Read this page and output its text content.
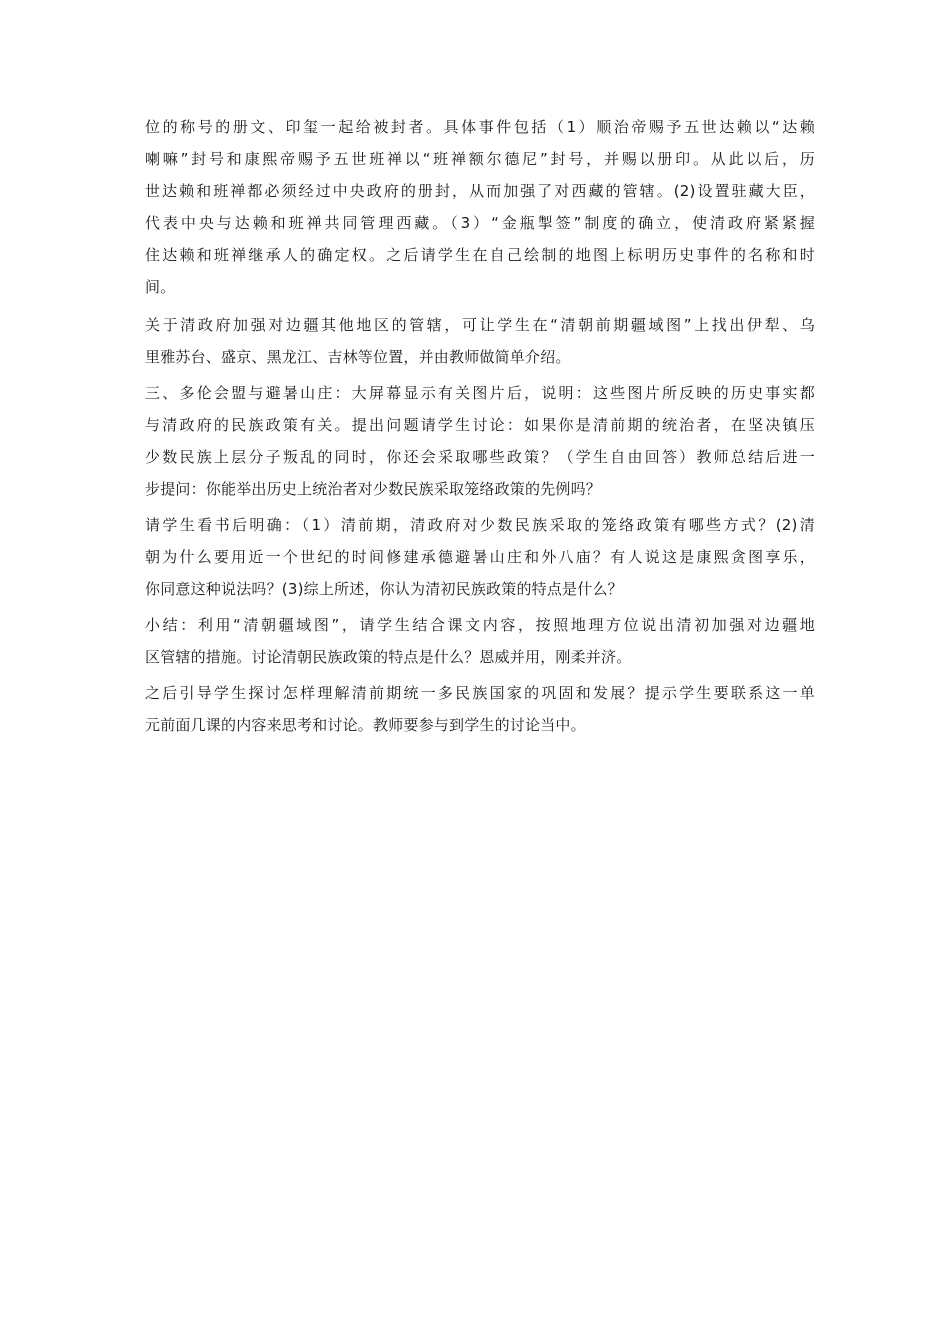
位的称号的册文、印玺一起给被封者。具体事件包括（1）顺治帝赐予五世达赖以“达赖
喇嘛”封号和康熙帝赐予五世班禅以“班禅额尔德尼”封号，并赐以册印。从此以后，历
世达赖和班禅都必须经过中央政府的册封，从而加强了对西藏的管辖。(2)设置驻藏大臣，
代表中央与达赖和班禅共同管理西藏。（3）“金瓶掣签”制度的确立，使清政府紧紧握
住达赖和班禅继承人的确定权。之后请学生在自己绘制的地图上标明历史事件的名称和时
间。
关于清政府加强对边疆其他地区的管辖，可让学生在“清朝前期疆域图”上找出伊犁、乌
里雅苏台、盛京、黑龙江、吉林等位置，并由教师做简单介绍。
三、多伦会盟与避暑山庄：大屏幕显示有关图片后，说明：这些图片所反映的历史事实都
与清政府的民族政策有关。提出问题请学生讨论：如果你是清前期的统治者，在坚决镇压
少数民族上层分子叛乱的同时，你还会采取哪些政策？（学生自由回答）教师总结后进一
步提问：你能举出历史上统治者对少数民族采取笼络政策的先例吗？
请学生看书后明确：（1）清前期，清政府对少数民族采取的笼络政策有哪些方式？(2)清
朝为什么要用近一个世纪的时间修建承德避暑山庄和外八庙？有人说这是康熙贪图享乐，
你同意这种说法吗？(3)综上所述，你认为清初民族政策的特点是什么？
小结：利用“清朝疆域图”，请学生结合课文内容，按照地理方位说出清初加强对边疆地
区管辖的措施。讨论清朝民族政策的特点是什么？恩威并用，刚柔并济。
之后引导学生探讨怎样理解清前期统一多民族国家的巩固和发展？提示学生要联系这一单
元前面几课的内容来思考和讨论。教师要参与到学生的讨论当中。
